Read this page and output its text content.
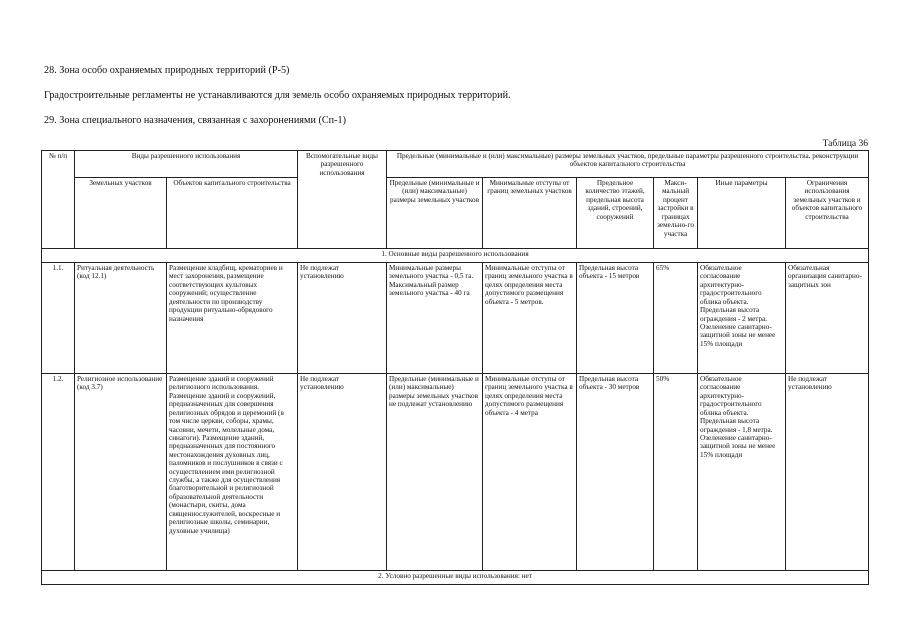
28. Зона особо охраняемых природных территорий (Р-5)
Градостроительные регламенты не устанавливаются для земель особо охраняемых природных территорий.
29. Зона специального назначения, связанная с захоронениями (Сп-1)
Таблица 36
№ п/п	Виды разрешенного использования		Вспомогательные виды разрешенного использования	Предельные (минимальные и (или) максимальные) размеры земельных участков, предельные параметры разрешенного строительства, реконструкции объектов капитального строительства					
	Земельных участков	Объектов капитального строительства		Предельные (минимальные и (или) максимальные) размеры земельных участков	Минимальные отступы от границ земельных участков	Предельное количество этажей, предельная высота зданий, строений, сооружений	Макси-мальный процент застройки в границах земельно-го участка	Иные параметры	Ограничения использования земельных участков и объектов капитального строительства
1. Основные виды разрешенного использования									
1.1.	Ритуальная деятельность (код 12.1)	Размещение кладбищ, крематориев и мест захоронения, размещение соответствующих культовых сооружений; осуществление деятельности по производству продукции ритуально-обрядового назначения	Не подлежат установлению	Минимальные размеры земельного участка - 0,5 га. Максимальный размер земельного участка - 40 га	Минимальные отступы от границ земельного участка в целях определения места допустимого размещения объекта - 5 метров.	Предельная высота объекта - 15 метров	65%	Обязательное согласование архитектурно-градостроительного облика объекта. Предельная высота ограждения - 2 метра. Озеленение санитарно-защитной зоны не менее 15% площади	Обязательная организация санитарно-защитных зон
1.2.	Религиозное использование (код 3.7)	Размещение зданий и сооружений религиозного использования. Размещение зданий и сооружений, предназначенных для совершения религиозных обрядов и церемоний (в том числе церкви, соборы, храмы, часовни, мечети, молельные дома, синагоги). Размещение зданий, предназначенных для постоянного местонахождения духовных лиц, паломников и послушников в связи с осуществлением ими религиозной службы, а также для осуществления благотворительной и религиозной образовательной деятельности (монастыри, скиты, дома священнослужителей, воскресные и религиозные школы, семинарии, духовные училища)	Не подлежат установлению	Предельные (минимальные и (или) максимальные) размеры земельных участков не подлежат установлению	Минимальные отступы от границ земельного участка в целях определения места допустимого размещения объекта - 4 метра	Предельная высота объекта - 30 метров	50%	Обязательное согласование архитектурно-градостроительного облика объекта. Предельная высота ограждения - 1,8 метра. Озеленение санитарно-защитной зоны не менее 15% площади	Не подлежат установлению
2. Условно разрешенные виды использования: нет									
